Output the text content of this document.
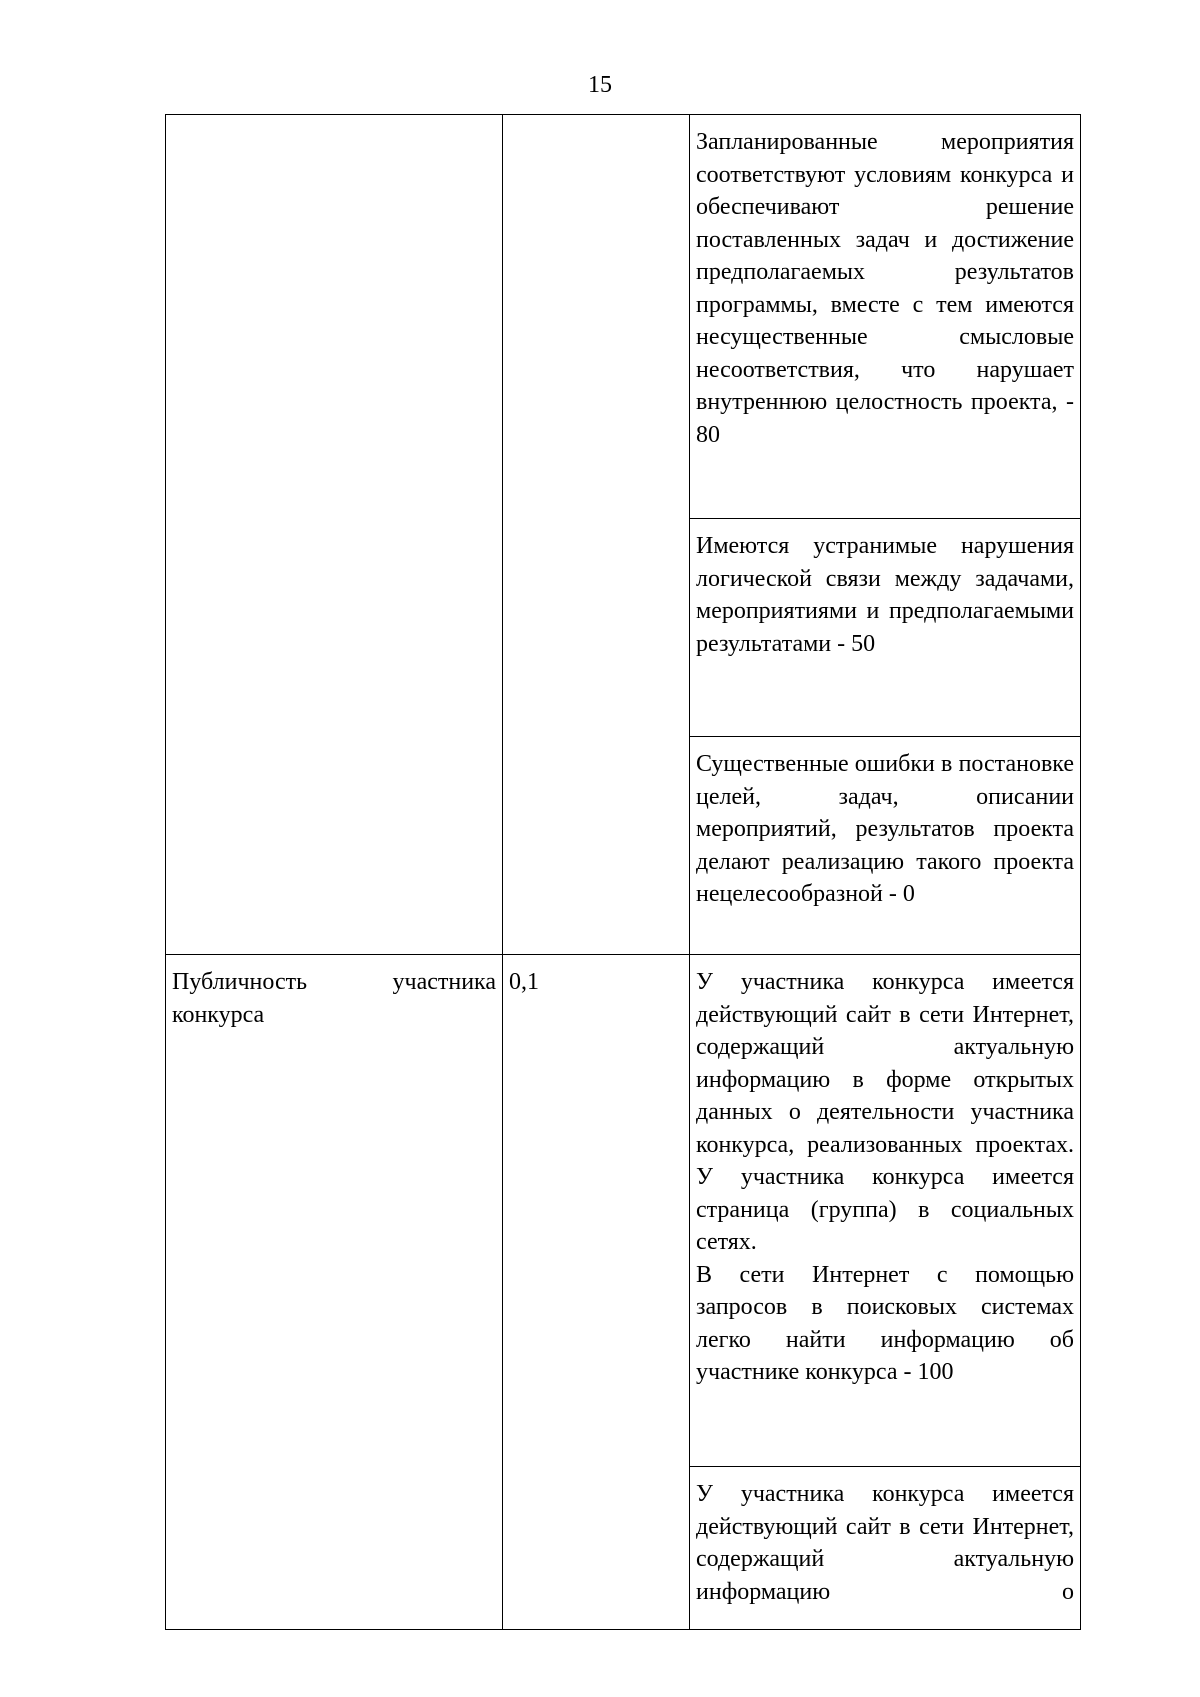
15
		Запланированные мероприятия соответствуют условиям конкурса и обеспечивают решение поставленных задач и достижение предполагаемых результатов программы, вместе с тем имеются несущественные смысловые несоответствия, что нарушает внутреннюю целостность проекта, - 80
		Имеются устранимые нарушения логической связи между задачами, мероприятиями и предполагаемыми результатами - 50
		Существенные ошибки в постановке целей, задач, описании мероприятий, результатов проекта делают реализацию такого проекта нецелесообразной - 0

Публичность участника конкурса	0,1	У участника конкурса имеется действующий сайт в сети Интернет, содержащий актуальную информацию в форме открытых данных о деятельности участника конкурса, реализованных проектах. У участника конкурса имеется страница (группа) в социальных сетях.
В сети Интернет с помощью запросов в поисковых системах легко найти информацию об участнике конкурса - 100

		У участника конкурса имеется действующий сайт в сети Интернет, содержащий актуальную информацию о
